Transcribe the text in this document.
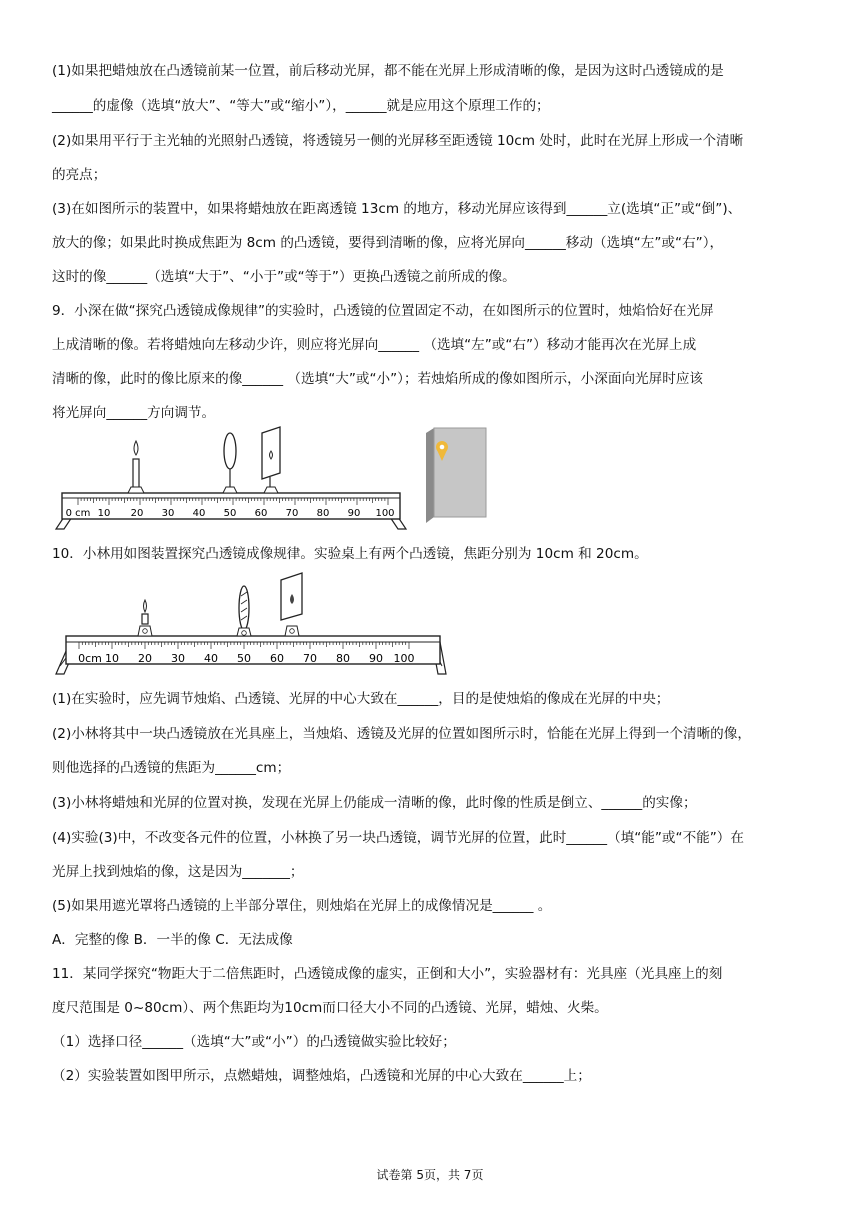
(1)如果把蜡烛放在凸透镜前某一位置，前后移动光屏，都不能在光屏上形成清晰的像，是因为这时凸透镜成的是
______的虚像（选填“放大”、“等大”或“缩小”），______就是应用这个原理工作的；
(2)如果用平行于主光轴的光照射凸透镜，将透镜另一侧的光屏移至距透镜 10cm 处时，此时在光屏上形成一个清晰
的亮点；
(3)在如图所示的装置中，如果将蜡烛放在距离透镜 13cm 的地方，移动光屏应该得到______立(选填“正”或“倒”)、
放大的像；如果此时换成焦距为 8cm 的凸透镜，要得到清晰的像，应将光屏向______移动（选填“左”或“右”），
这时的像______（选填“大于”、“小于”或“等于”）更换凸透镜之前所成的像。
9．小深在做“探究凸透镜成像规律”的实验时，凸透镜的位置固定不动，在如图所示的位置时，烛焰恰好在光屏
上成清晰的像。若将蜡烛向左移动少许，则应将光屏向______ （选填“左”或“右”）移动才能再次在光屏上成
清晰的像，此时的像比原来的像______ （选填“大”或“小”）；若烛焰所成的像如图所示，小深面向光屏时应该
将光屏向______方向调节。
0 cm 10 20 30 40 50 60 70 80 90 100
10．小林用如图装置探究凸透镜成像规律。实验桌上有两个凸透镜，焦距分别为 10cm 和 20cm。
0cm 10 20 30 40 50 60 70 80 90 100
(1)在实验时，应先调节烛焰、凸透镜、光屏的中心大致在______，目的是使烛焰的像成在光屏的中央；
(2)小林将其中一块凸透镜放在光具座上，当烛焰、透镜及光屏的位置如图所示时，恰能在光屏上得到一个清晰的像，
则他选择的凸透镜的焦距为______cm；
(3)小林将蜡烛和光屏的位置对换，发现在光屏上仍能成一清晰的像，此时像的性质是倒立、______的实像；
(4)实验(3)中，不改变各元件的位置，小林换了另一块凸透镜，调节光屏的位置，此时______（填“能”或“不能”）在
光屏上找到烛焰的像，这是因为_______；
(5)如果用遮光罩将凸透镜的上半部分罩住，则烛焰在光屏上的成像情况是______ 。
A．完整的像 B．一半的像 C．无法成像
11．某同学探究“物距大于二倍焦距时，凸透镜成像的虚实，正倒和大小”，实验器材有：光具座（光具座上的刻
度尺范围是 0~80cm）、两个焦距均为10cm而口径大小不同的凸透镜、光屏，蜡烛、火柴。
（1）选择口径______（选填“大”或“小”）的凸透镜做实验比较好；
（2）实验装置如图甲所示，点燃蜡烛，调整烛焰，凸透镜和光屏的中心大致在______上；
试卷第 5页，共 7页
